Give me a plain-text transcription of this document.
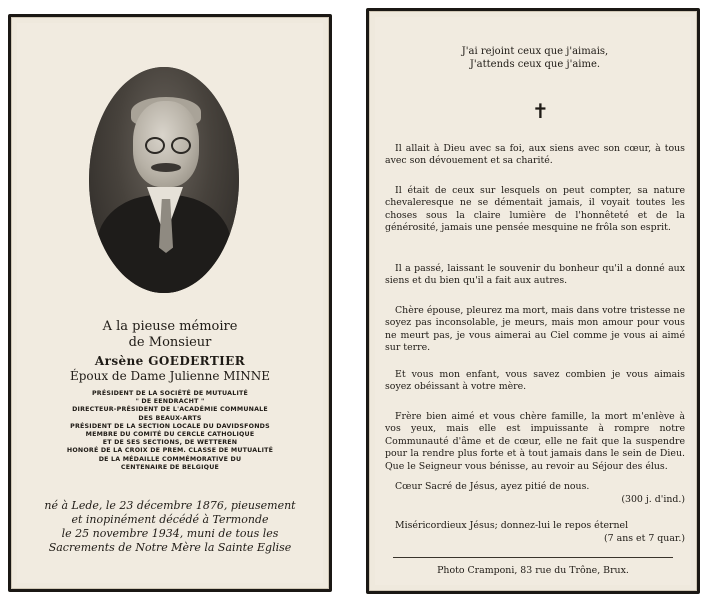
A la pieuse mémoire
de Monsieur
Arsène GOEDERTIER
Époux de Dame Julienne MINNE
PRÉSIDENT DE LA SOCIÉTÉ DE MUTUALITÉ
" DE EENDRACHT "
DIRECTEUR-PRÉSIDENT DE L'ACADÉMIE COMMUNALE
DES BEAUX-ARTS
PRÉSIDENT DE LA SECTION LOCALE DU DAVIDSFONDS
MEMBRE DU COMITÉ DU CERCLE CATHOLIQUE
ET DE SES SECTIONS, DE WETTEREN
HONORÉ DE LA CROIX DE PREM. CLASSE DE MUTUALITÉ
DE LA MÉDAILLE COMMÉMORATIVE DU
CENTENAIRE DE BELGIQUE
né à Lede, le 23 décembre 1876, pieusement
et inopinément décédé à Termonde
le 25 novembre 1934, muni de tous les
Sacrements de Notre Mère la Sainte Eglise
J'ai rejoint ceux que j'aimais,
J'attends ceux que j'aime.
✝

Il allait à Dieu avec sa foi, aux siens avec son cœur, à tous avec son dévouement et sa charité.

Il était de ceux sur lesquels on peut compter, sa nature chevaleresque ne se démentait jamais, il voyait toutes les choses sous la claire lumière de l'honnêteté et de la générosité, jamais une pensée mesquine ne frôla son esprit.

Il a passé, laissant le souvenir du bonheur qu'il a donné aux siens et du bien qu'il a fait aux autres.

Chère épouse, pleurez ma mort, mais dans votre tristesse ne soyez pas inconsolable, je meurs, mais mon amour pour vous ne meurt pas, je vous aimerai au Ciel comme je vous ai aimé sur terre.

Et vous mon enfant, vous savez combien je vous aimais soyez obéissant à votre mère.

Frère bien aimé et vous chère famille, la mort m'enlève à vos yeux, mais elle est impuissante à rompre notre Communauté d'âme et de cœur, elle ne fait que la suspendre pour la rendre plus forte et à tout jamais dans le sein de Dieu. Que le Seigneur vous bénisse, au revoir au Séjour des élus.

Cœur Sacré de Jésus, ayez pitié de nous.

(300 j. d'ind.)

Miséricordieux Jésus; donnez-lui le repos éternel

(7 ans et 7 quar.)
Photo Cramponi, 83 rue du Trône, Brux.
